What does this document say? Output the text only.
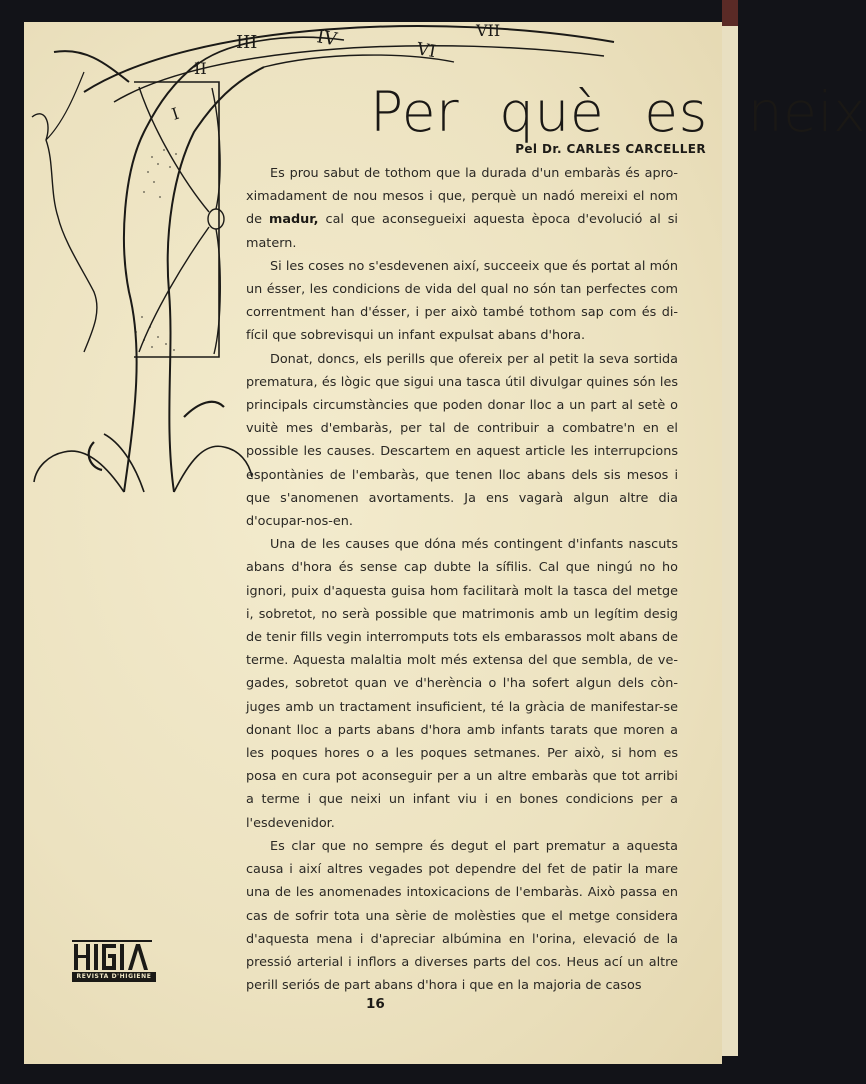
I
II
III	IV
VI
VII
Per què es neix
Pel Dr. CARLES CARCELLER

Es prou sabut de tothom que la durada d'un embaràs és aproximadament de nou mesos i que, perquè un nadó mereixi el nom de madur, cal que aconsegueixi aquesta època d'evolució al si matern.

Si les coses no s'esdevenen així, succeeix que és portat al món un ésser, les condicions de vida del qual no són tan perfectes com correntment han d'ésser, i per això també tothom sap com és difícil que sobrevisqui un infant expulsat abans d'hora.

Donat, doncs, els perills que ofereix per al petit la seva sortida prematura, és lògic que sigui una tasca útil divulgar quines són les principals circumstàncies que poden donar lloc a un part al setè o vuitè mes d'embaràs, per tal de contribuir a combatre'n en el possible les causes. Descartem en aquest article les interrupcions espontànies de l'embaràs, que tenen lloc abans dels sis mesos i que s'anomenen avortaments. Ja ens vagarà algun altre dia d'ocupar-nos-en.

Una de les causes que dóna més contingent d'infants nascuts abans d'hora és sense cap dubte la sífilis. Cal que ningú no ho ignori, puix d'aquesta guisa hom facilitarà molt la tasca del metge i, sobretot, no serà possible que matrimonis amb un legítim desig de tenir fills vegin interromputs tots els embarassos molt abans de terme. Aquesta malaltia molt més extensa del que sembla, de vegades, sobretot quan ve d'herència o l'ha sofert algun dels cònjuges amb un tractament insuficient, té la gràcia de manifestar-se donant lloc a parts abans d'hora amb infants tarats que moren a les poques hores o a les poques setmanes. Per això, si hom es posa en cura pot aconseguir per a un altre embaràs que tot arribi a terme i que neixi un infant viu i en bones condicions per a l'esdevenidor.

Es clar que no sempre és degut el part prematur a aquesta causa i així altres vegades pot dependre del fet de patir la mare una de les anomenades intoxicacions de l'embaràs. Això passa en cas de sofrir tota una sèrie de molèsties que el metge considera d'aquesta mena i d'apreciar albúmina en l'orina, elevació de la pressió arterial i inflors a diverses parts del cos. Heus ací un altre perill seriós de part abans d'hora i que en la majoria de casos

REVISTA D'HIGIENE
16
